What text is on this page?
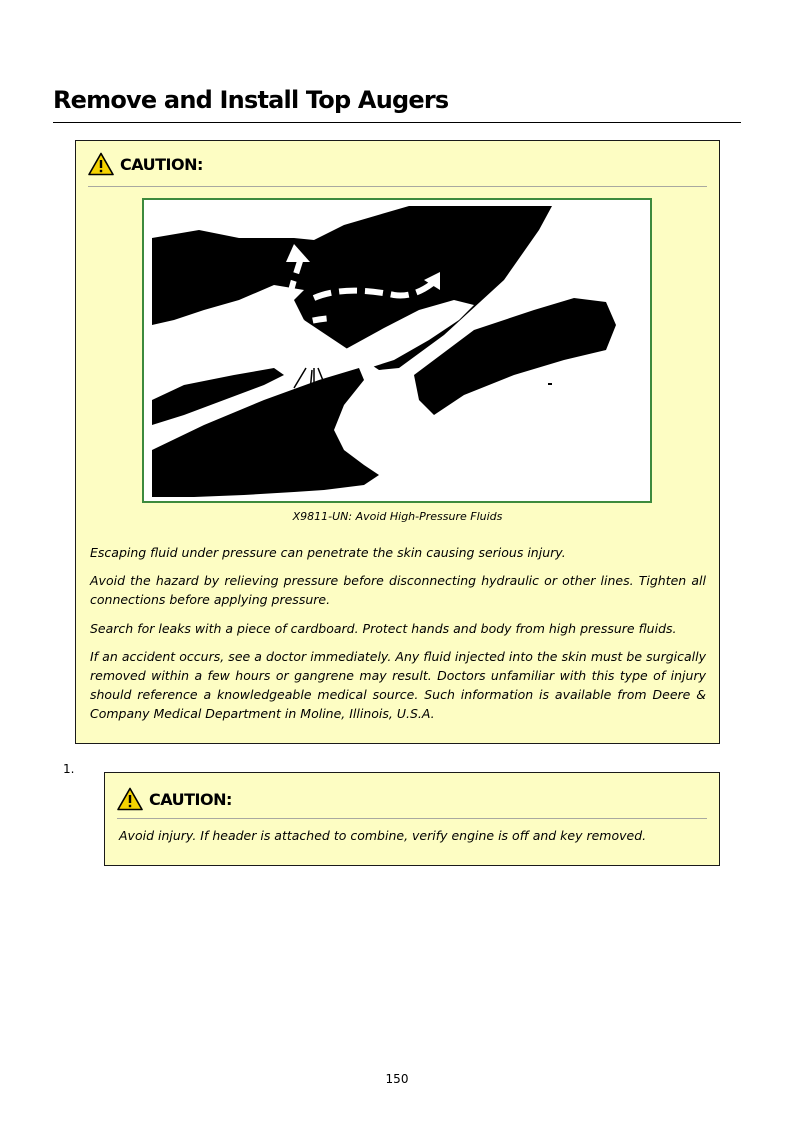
Remove and Install Top Augers
CAUTION:

X9811-UN: Avoid High-Pressure Fluids

Escaping fluid under pressure can penetrate the skin causing serious injury.

Avoid the hazard by relieving pressure before disconnecting hydraulic or other lines. Tighten all connections before applying pressure.

Search for leaks with a piece of cardboard. Protect hands and body from high pressure fluids.

If an accident occurs, see a doctor immediately. Any fluid injected into the skin must be surgically removed within a few hours or gangrene may result. Doctors unfamiliar with this type of injury should reference a knowledgeable medical source. Such information is available from Deere & Company Medical Department in Moline, Illinois, U.S.A.

1.

CAUTION:

Avoid injury. If header is attached to combine, verify engine is off and key removed.

150
